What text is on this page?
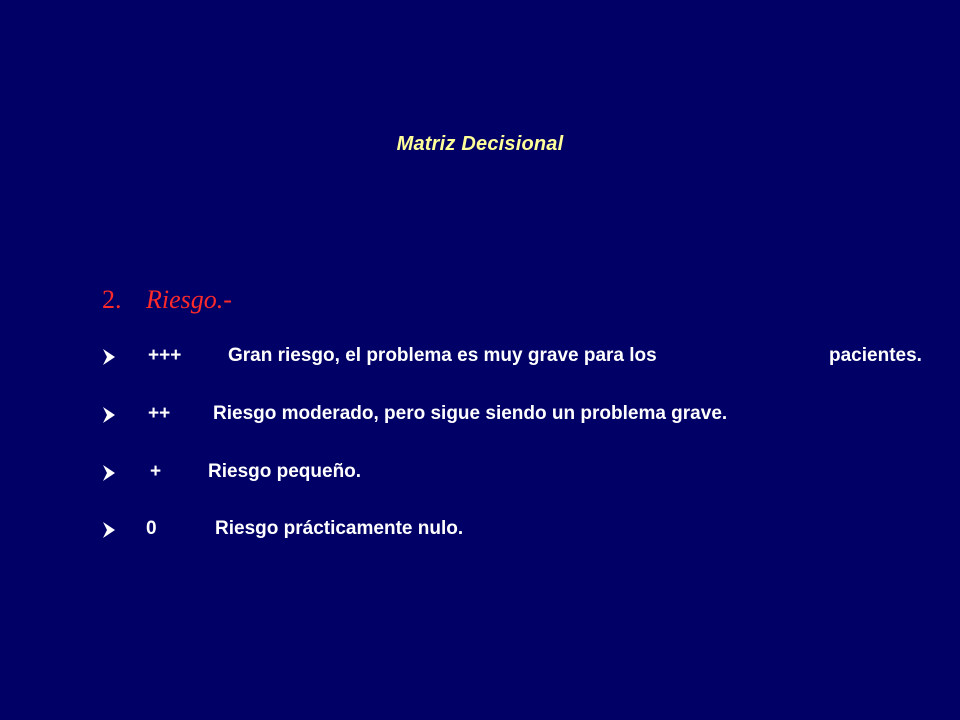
Matriz Decisional
2. Riesgo.-
+++ Gran riesgo, el problema es muy grave para los	pacientes.
++ Riesgo moderado, pero sigue siendo un problema grave.
+ Riesgo pequeño.
0	Riesgo prácticamente nulo.
